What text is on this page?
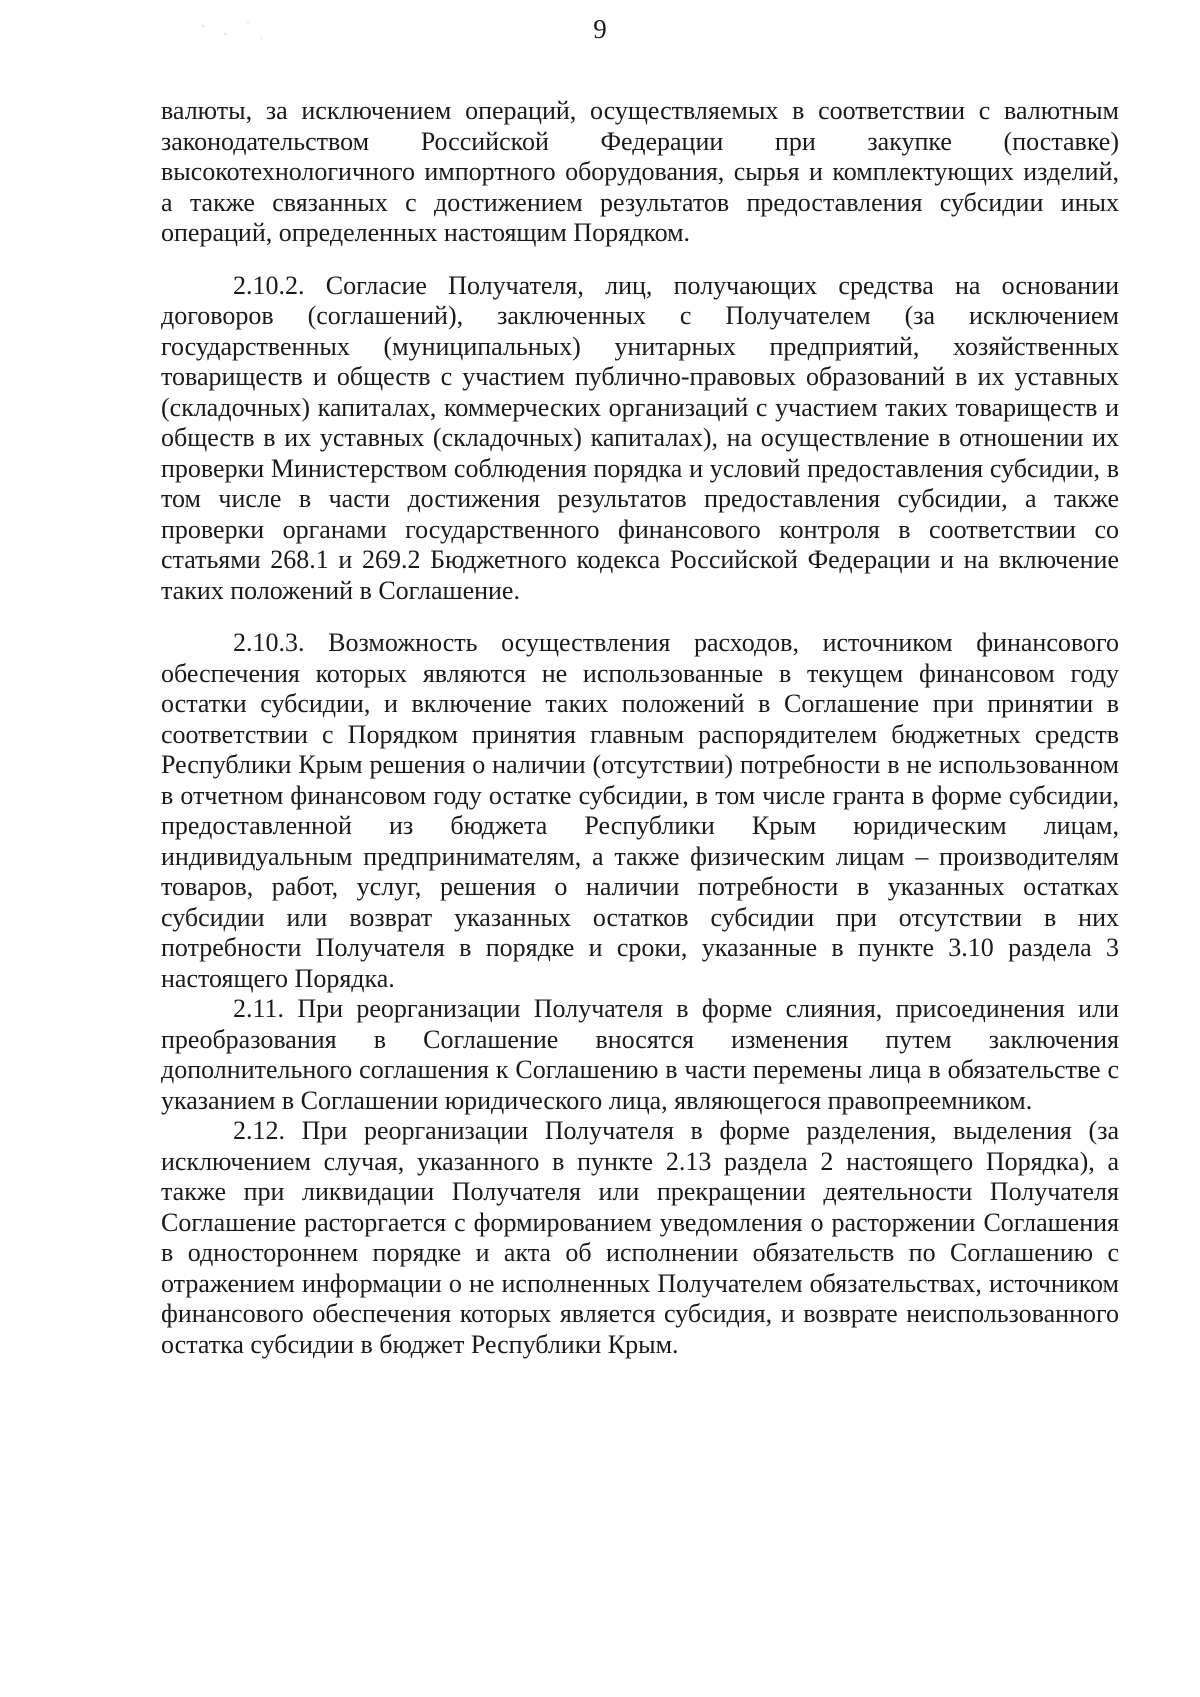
9

валюты, за исключением операций, осуществляемых в соответствии с валютным законодательством Российской Федерации при закупке (поставке) высокотехнологичного импортного оборудования, сырья и комплектующих изделий, а также связанных с достижением результатов предоставления субсидии иных операций, определенных настоящим Порядком.

2.10.2. Согласие Получателя, лиц, получающих средства на основании договоров (соглашений), заключенных с Получателем (за исключением государственных (муниципальных) унитарных предприятий, хозяйственных товариществ и обществ с участием публично-правовых образований в их уставных (складочных) капиталах, коммерческих организаций с участием таких товариществ и обществ в их уставных (складочных) капиталах), на осуществление в отношении их проверки Министерством соблюдения порядка и условий предоставления субсидии, в том числе в части достижения результатов предоставления субсидии, а также проверки органами государственного финансового контроля в соответствии со статьями 268.1 и 269.2 Бюджетного кодекса Российской Федерации и на включение таких положений в Соглашение.

2.10.3. Возможность осуществления расходов, источником финансового обеспечения которых являются не использованные в текущем финансовом году остатки субсидии, и включение таких положений в Соглашение при принятии в соответствии с Порядком принятия главным распорядителем бюджетных средств Республики Крым решения о наличии (отсутствии) потребности в не использованном в отчетном финансовом году остатке субсидии, в том числе гранта в форме субсидии, предоставленной из бюджета Республики Крым юридическим лицам, индивидуальным предпринимателям, а также физическим лицам – производителям товаров, работ, услуг, решения о наличии потребности в указанных остатках субсидии или возврат указанных остатков субсидии при отсутствии в них потребности Получателя в порядке и сроки, указанные в пункте 3.10 раздела 3 настоящего Порядка.

2.11. При реорганизации Получателя в форме слияния, присоединения или преобразования в Соглашение вносятся изменения путем заключения дополнительного соглашения к Соглашению в части перемены лица в обязательстве с указанием в Соглашении юридического лица, являющегося правопреемником.

2.12. При реорганизации Получателя в форме разделения, выделения (за исключением случая, указанного в пункте 2.13 раздела 2 настоящего Порядка), а также при ликвидации Получателя или прекращении деятельности Получателя Соглашение расторгается с формированием уведомления о расторжении Соглашения в одностороннем порядке и акта об исполнении обязательств по Соглашению с отражением информации о не исполненных Получателем обязательствах, источником финансового обеспечения которых является субсидия, и возврате неиспользованного остатка субсидии в бюджет Республики Крым.
